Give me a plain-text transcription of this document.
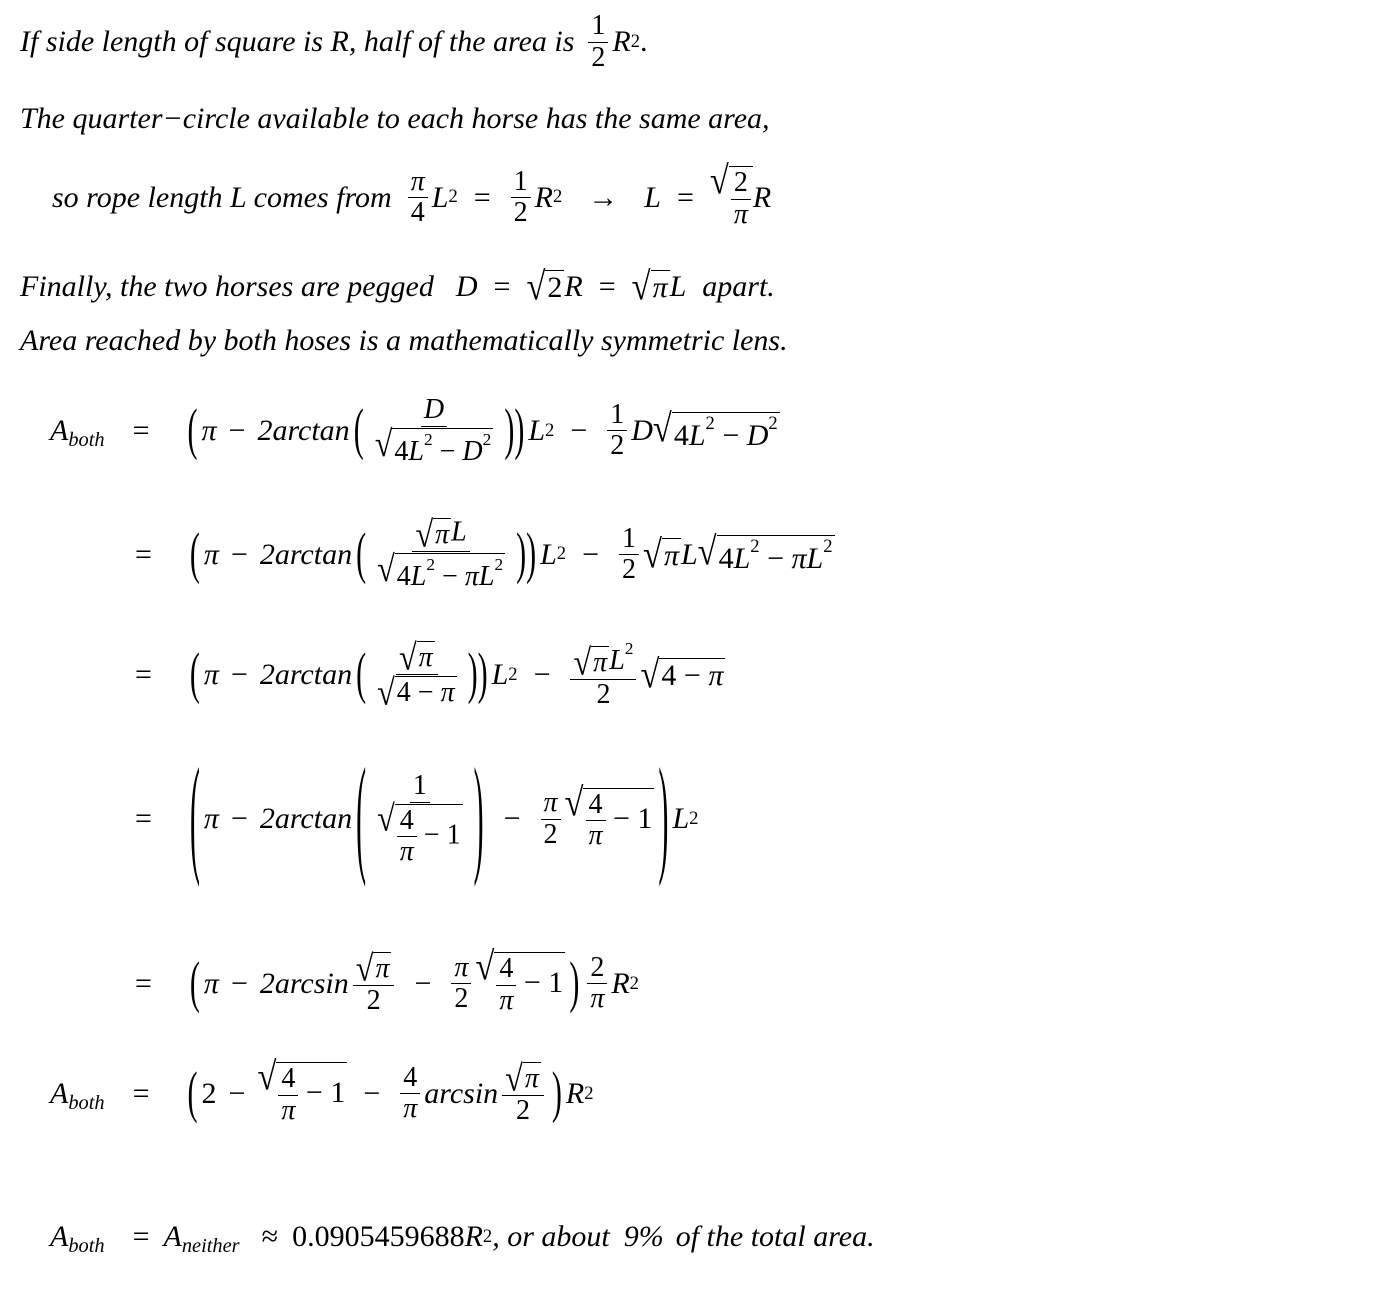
If side length of square is R, half of the area is $\frac{1}{2}$ R 2 .
The quarter−circle available to each horse has the same area,
so rope length L comes from $\frac{\pi}{4}$ L $2 = \frac{1}{2}$ R 2 → L = √ $\frac{2}{\pi}$ R
Finally, the two horses are pegged D = √ 2 R = √ π L apart.
Area reached by both hoses is a mathematically symmetric lens.
A both = ( π − 2arctan ( $\frac{D}{√ 4L^2 - D^2}$ )) L $2 - \frac{1}{2}$ D √ $4L^2 - D^2$
= ( π − 2arctan ( $\frac{\text{√ π L}}{√ 4L^2 - \pi L^2}$ )) L $2 - \frac{1}{2}$ √ π L √ $4L^2 - \pi L^2$
= ( π − 2arctan ( $\frac{√ \pi}{√ 4 - \pi}$ )) L $2 - \frac{√ \pi L^2}{2}$ √ 4 − π
= ( π − 2arctan ( $\frac{1}{√ \frac{4}{\pi} - 1}$ ) − $\frac{\pi}{2}$ √ $\frac{4}{\pi} - 1$ ) L 2
= ( $\pi - 2\arcsin \frac{√ \pi}{2} - \frac{\pi}{2}$ √ $\frac{4}{\pi} - 1$ ) $\frac{2}{\pi}$ R 2
A both = ( 2 − √ $\frac{4}{\pi} - 1 - \frac{4}{\pi}$ $\arcsin \frac{√ \pi}{2}$ ) R 2
A both = A neither ≈ 0.0905459688 R 2 , or about 9% of the total area.
